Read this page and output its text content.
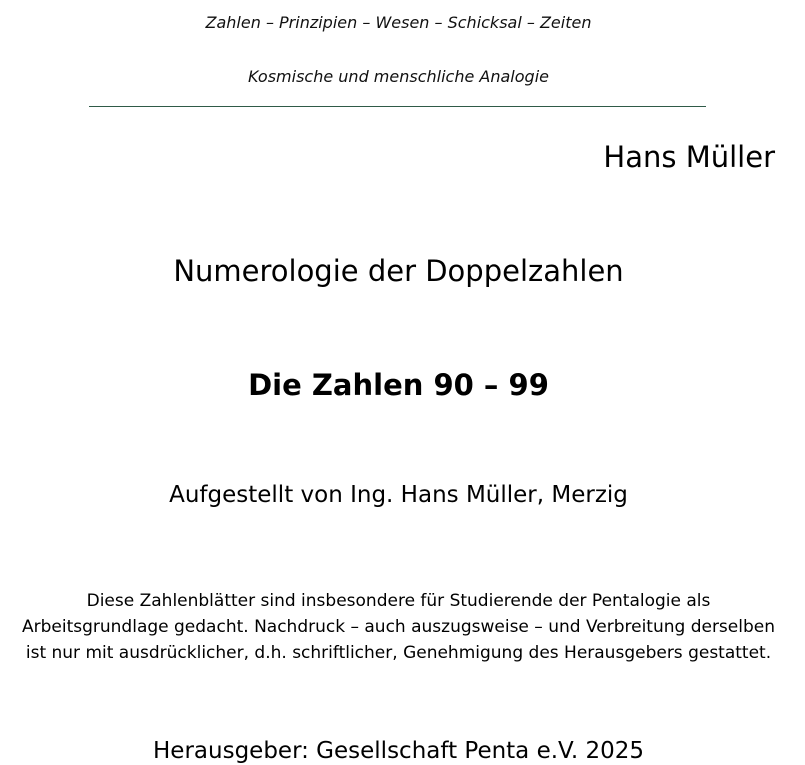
Zahlen – Prinzipien – Wesen – Schicksal – Zeiten
Kosmische und menschliche Analogie
Hans Müller
Numerologie der Doppelzahlen
Die Zahlen 90 – 99
Aufgestellt von Ing. Hans Müller, Merzig
Diese Zahlenblätter sind insbesondere für Studierende der Pentalogie als
Arbeitsgrundlage gedacht. Nachdruck – auch auszugsweise – und Verbreitung derselben
ist nur mit ausdrücklicher, d.h. schriftlicher, Genehmigung des Herausgebers gestattet.
Herausgeber: Gesellschaft Penta e.V. 2025
